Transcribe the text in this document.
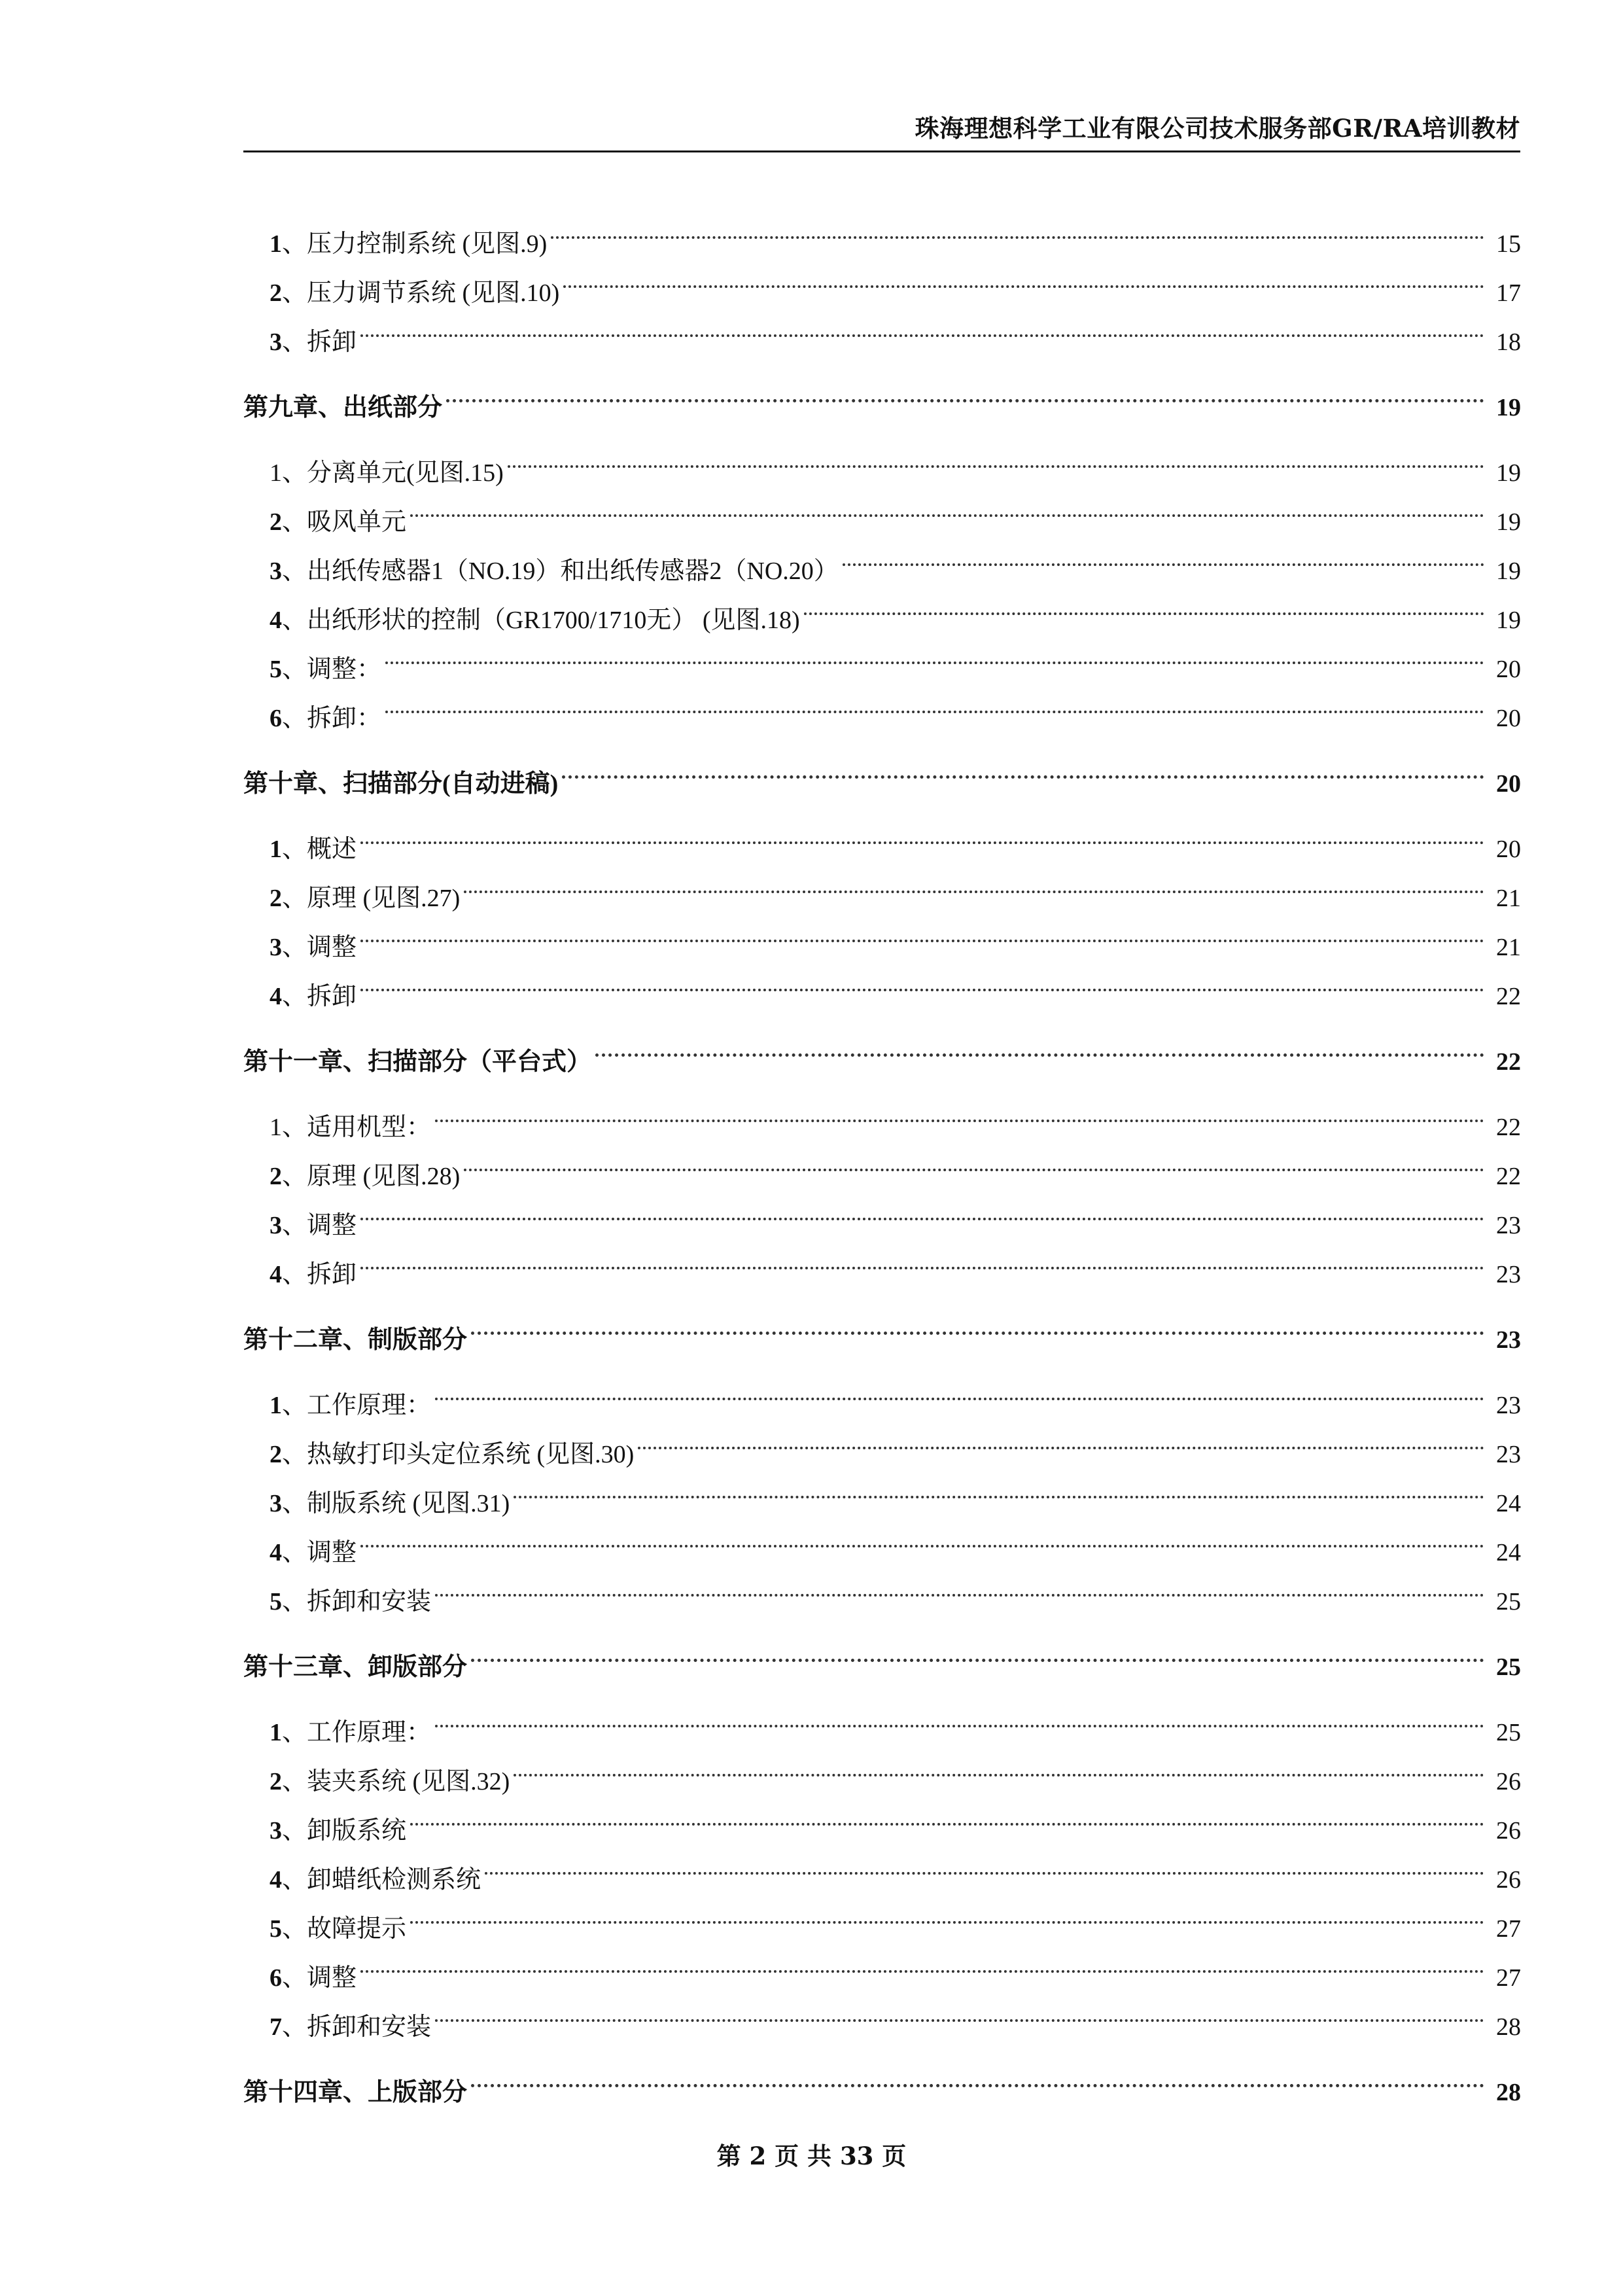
珠海理想科学工业有限公司技术服务部GR/RA培训教材
1、压力控制系统 (见图.9)	15
2、压力调节系统 (见图.10)	17
3、拆卸	18
第九章、出纸部分	19
1、分离单元(见图.15)	19
2、吸风单元	19
3、出纸传感器1（NO.19）和出纸传感器2（NO.20）	19
4、出纸形状的控制（GR1700/1710无） (见图.18)	19
5、调整：	20
6、拆卸：	20
第十章、扫描部分(自动进稿)	20
1、概述	20
2、原理 (见图.27)	21
3、调整	21
4、拆卸	22
第十一章、扫描部分（平台式）	22
1、适用机型：	22
2、原理 (见图.28)	22
3、调整	23
4、拆卸	23
第十二章、制版部分	23
1、工作原理：	23
2、热敏打印头定位系统 (见图.30)	23
3、制版系统 (见图.31)	24
4、调整	24
5、拆卸和安装	25
第十三章、卸版部分	25
1、工作原理：	25
2、装夹系统 (见图.32)	26
3、卸版系统	26
4、卸蜡纸检测系统	26
5、故障提示	27
6、调整	27
7、拆卸和安装	28
第十四章、上版部分	28
第 2 页 共 33 页
